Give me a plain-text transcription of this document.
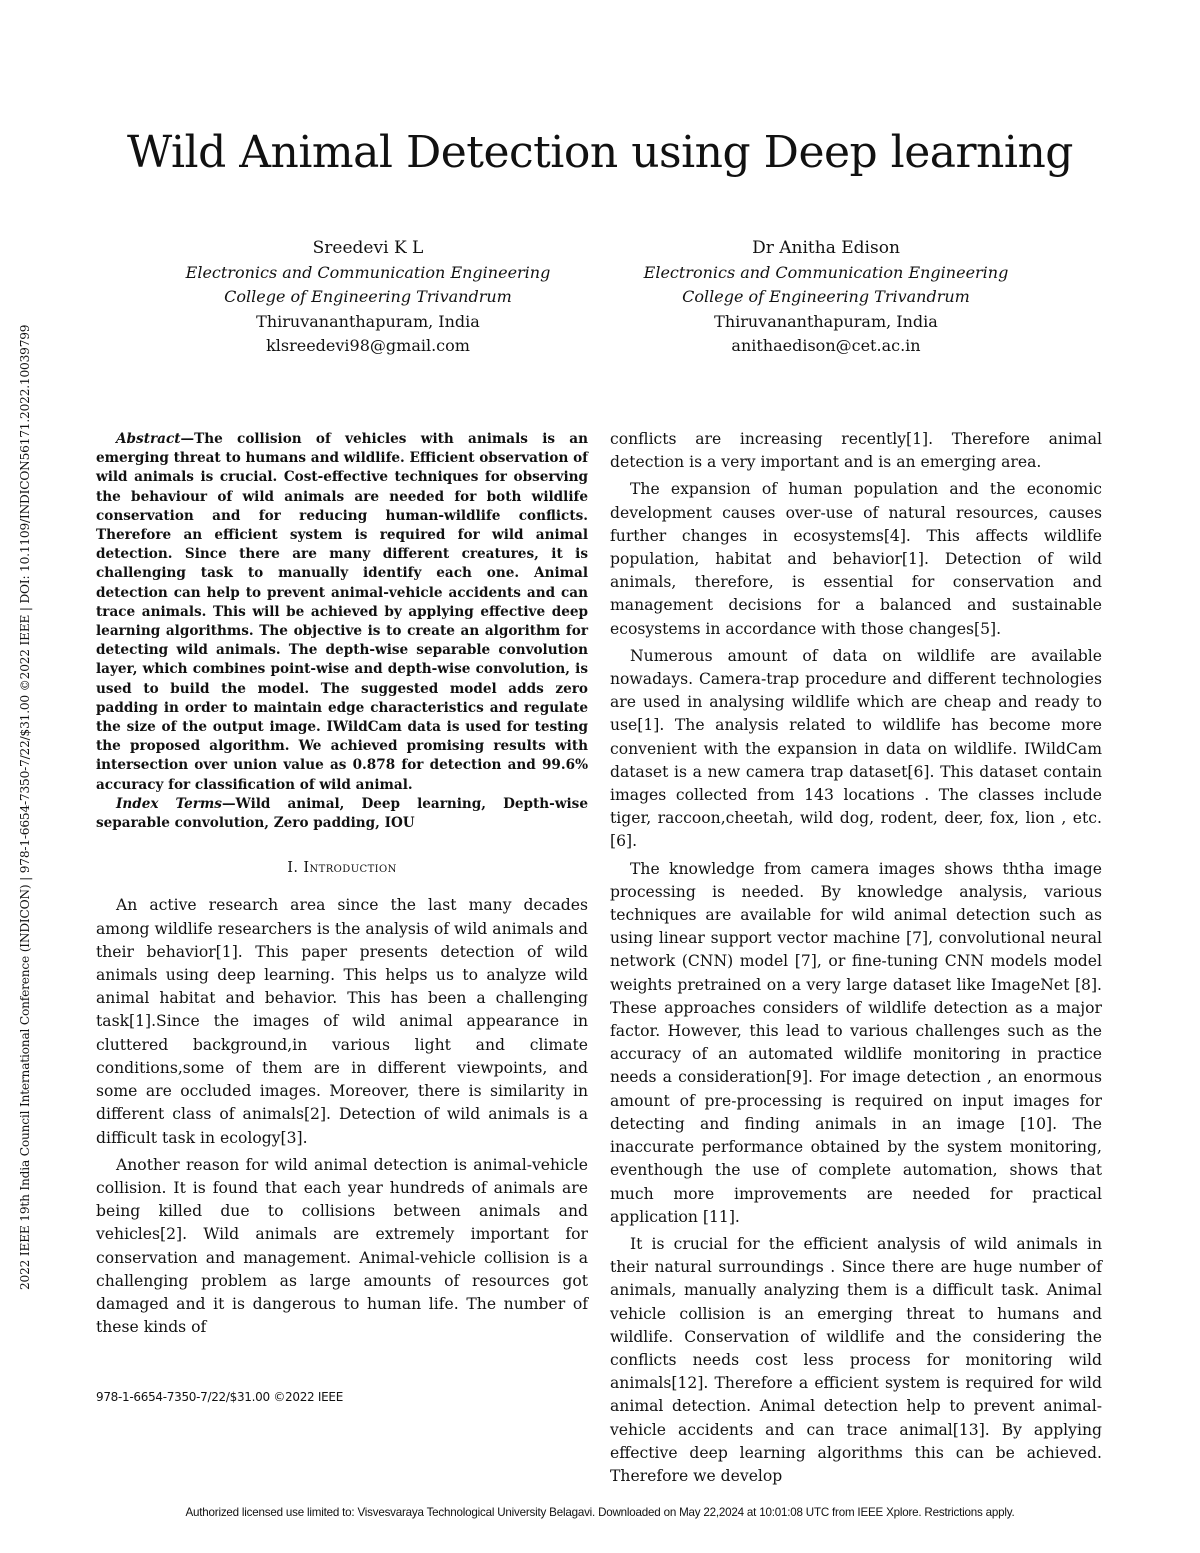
2022 IEEE 19th India Council International Conference (INDICON) | 978-1-6654-7350-7/22/$31.00 ©2022 IEEE | DOI: 10.1109/INDICON56171.2022.10039799
Wild Animal Detection using Deep learning
Sreedevi K L
Electronics and Communication Engineering
College of Engineering Trivandrum
Thiruvananthapuram, India
klsreedevi98@gmail.com
Dr Anitha Edison
Electronics and Communication Engineering
College of Engineering Trivandrum
Thiruvananthapuram, India
anithaedison@cet.ac.in

Abstract—The collision of vehicles with animals is an emerging threat to humans and wildlife. Efficient observation of wild animals is crucial. Cost-effective techniques for observing the behaviour of wild animals are needed for both wildlife conservation and for reducing human-wildlife conflicts. Therefore an efficient system is required for wild animal detection. Since there are many different creatures, it is challenging task to manually identify each one. Animal detection can help to prevent animal-vehicle accidents and can trace animals. This will be achieved by applying effective deep learning algorithms. The objective is to create an algorithm for detecting wild animals. The depth-wise separable convolution layer, which combines point-wise and depth-wise convolution, is used to build the model. The suggested model adds zero padding in order to maintain edge characteristics and regulate the size of the output image. IWildCam data is used for testing the proposed algorithm. We achieved promising results with intersection over union value as 0.878 for detection and 99.6% accuracy for classification of wild animal.

Index Terms—Wild animal, Deep learning, Depth-wise separable convolution, Zero padding, IOU

I. Introduction

An active research area since the last many decades among wildlife researchers is the analysis of wild animals and their behavior[1]. This paper presents detection of wild animals using deep learning. This helps us to analyze wild animal habitat and behavior. This has been a challenging task[1].Since the images of wild animal appearance in cluttered background,in various light and climate conditions,some of them are in different viewpoints, and some are occluded images. Moreover, there is similarity in different class of animals[2]. Detection of wild animals is a difficult task in ecology[3].

Another reason for wild animal detection is animal-vehicle collision. It is found that each year hundreds of animals are being killed due to collisions between animals and vehicles[2]. Wild animals are extremely important for conservation and management. Animal-vehicle collision is a challenging problem as large amounts of resources got damaged and it is dangerous to human life. The number of these kinds of

conflicts are increasing recently[1]. Therefore animal detection is a very important and is an emerging area.

The expansion of human population and the economic development causes over-use of natural resources, causes further changes in ecosystems[4]. This affects wildlife population, habitat and behavior[1]. Detection of wild animals, therefore, is essential for conservation and management decisions for a balanced and sustainable ecosystems in accordance with those changes[5].

Numerous amount of data on wildlife are available nowadays. Camera-trap procedure and different technologies are used in analysing wildlife which are cheap and ready to use[1]. The analysis related to wildlife has become more convenient with the expansion in data on wildlife. IWildCam dataset is a new camera trap dataset[6]. This dataset contain images collected from 143 locations . The classes include tiger, raccoon,cheetah, wild dog, rodent, deer, fox, lion , etc.[6].

The knowledge from camera images shows ththa image processing is needed. By knowledge analysis, various techniques are available for wild animal detection such as using linear support vector machine [7], convolutional neural network (CNN) model [7], or fine-tuning CNN models model weights pretrained on a very large dataset like ImageNet [8]. These approaches considers of wildlife detection as a major factor. However, this lead to various challenges such as the accuracy of an automated wildlife monitoring in practice needs a consideration[9]. For image detection , an enormous amount of pre-processing is required on input images for detecting and finding animals in an image [10]. The inaccurate performance obtained by the system monitoring, eventhough the use of complete automation, shows that much more improvements are needed for practical application [11].

It is crucial for the efficient analysis of wild animals in their natural surroundings . Since there are huge number of animals, manually analyzing them is a difficult task. Animal vehicle collision is an emerging threat to humans and wildlife. Conservation of wildlife and the considering the conflicts needs cost less process for monitoring wild animals[12]. Therefore a efficient system is required for wild animal detection. Animal detection help to prevent animal-vehicle accidents and can trace animal[13]. By applying effective deep learning algorithms this can be achieved. Therefore we develop

978-1-6654-7350-7/22/$31.00 ©2022 IEEE
Authorized licensed use limited to: Visvesvaraya Technological University Belagavi. Downloaded on May 22,2024 at 10:01:08 UTC from IEEE Xplore. Restrictions apply.
